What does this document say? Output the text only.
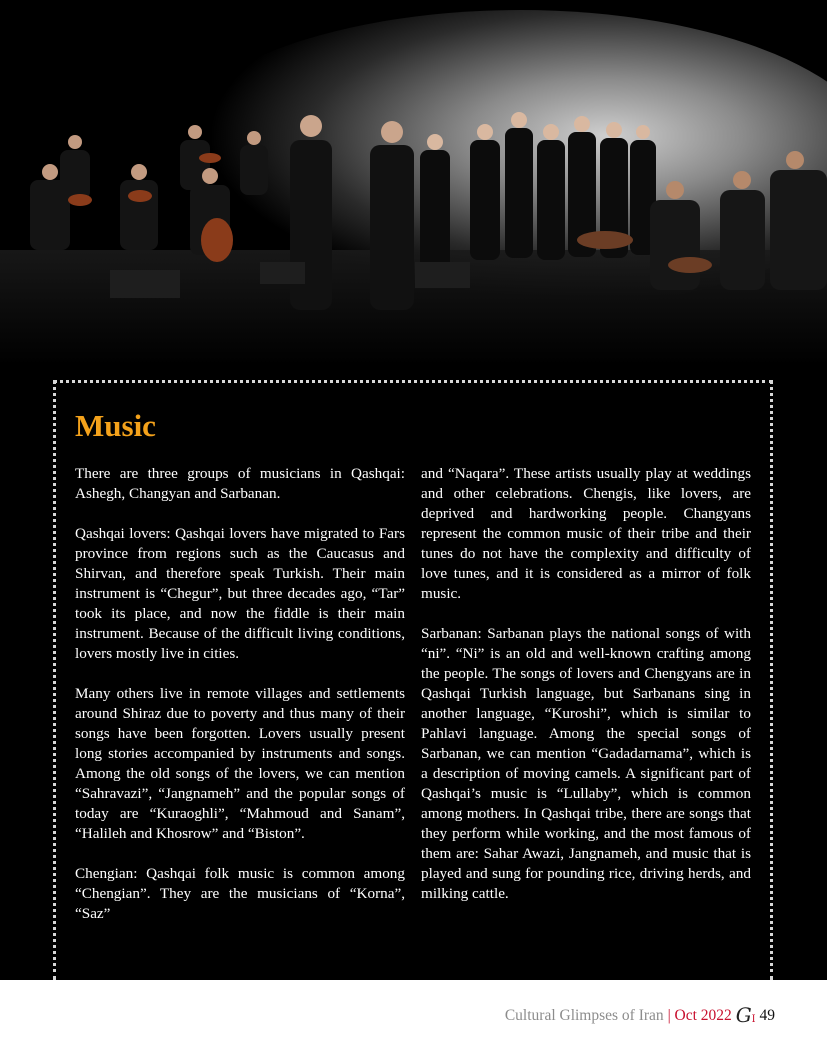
Music

There are three groups of musicians in Qashqai: Ashegh, Changyan and Sarbanan.

Qashqai lovers: Qashqai lovers have migrated to Fars province from regions such as the Caucasus and Shirvan, and therefore speak Turkish. Their main instrument is “Chegur”, but three decades ago, “Tar” took its place, and now the fiddle is their main instrument. Because of the difficult living conditions, lovers mostly live in cities.

Many others live in remote villages and settlements around Shiraz due to poverty and thus many of their songs have been forgotten. Lovers usually present long stories accompanied by instruments and songs. Among the old songs of the lovers, we can mention “Sahravazi”, “Jangnameh” and the popular songs of today are “Kuraoghli”, “Mahmoud and Sanam”, “Halileh and Khosrow” and “Biston”.

Chengian: Qashqai folk music is common among “Chengian”. They are the musicians of “Korna”, “Saz”

and “Naqara”. These artists usually play at weddings and other celebrations. Chengis, like lovers, are deprived and hardworking people. Changyans represent the common music of their tribe and their tunes do not have the complexity and difficulty of love tunes, and it is considered as a mirror of folk music.

Sarbanan: Sarbanan plays the national songs of with “ni”. “Ni” is an old and well-known crafting among the people. The songs of lovers and Chengyans are in Qashqai Turkish language, but Sarbanans sing in another language, “Kuroshi”, which is similar to Pahlavi language. Among the special songs of Sarbanan, we can mention “Gadadarnama”, which is a description of moving camels. A significant part of Qashqai’s music is “Lullaby”, which is common among mothers. In Qashqai tribe, there are songs that they perform while working, and the most famous of them are: Sahar Awazi, Jangnameh, and music that is played and sung for pounding rice, driving herds, and milking cattle.

Cultural Glimpses of Iran | Oct 2022 GI 49
